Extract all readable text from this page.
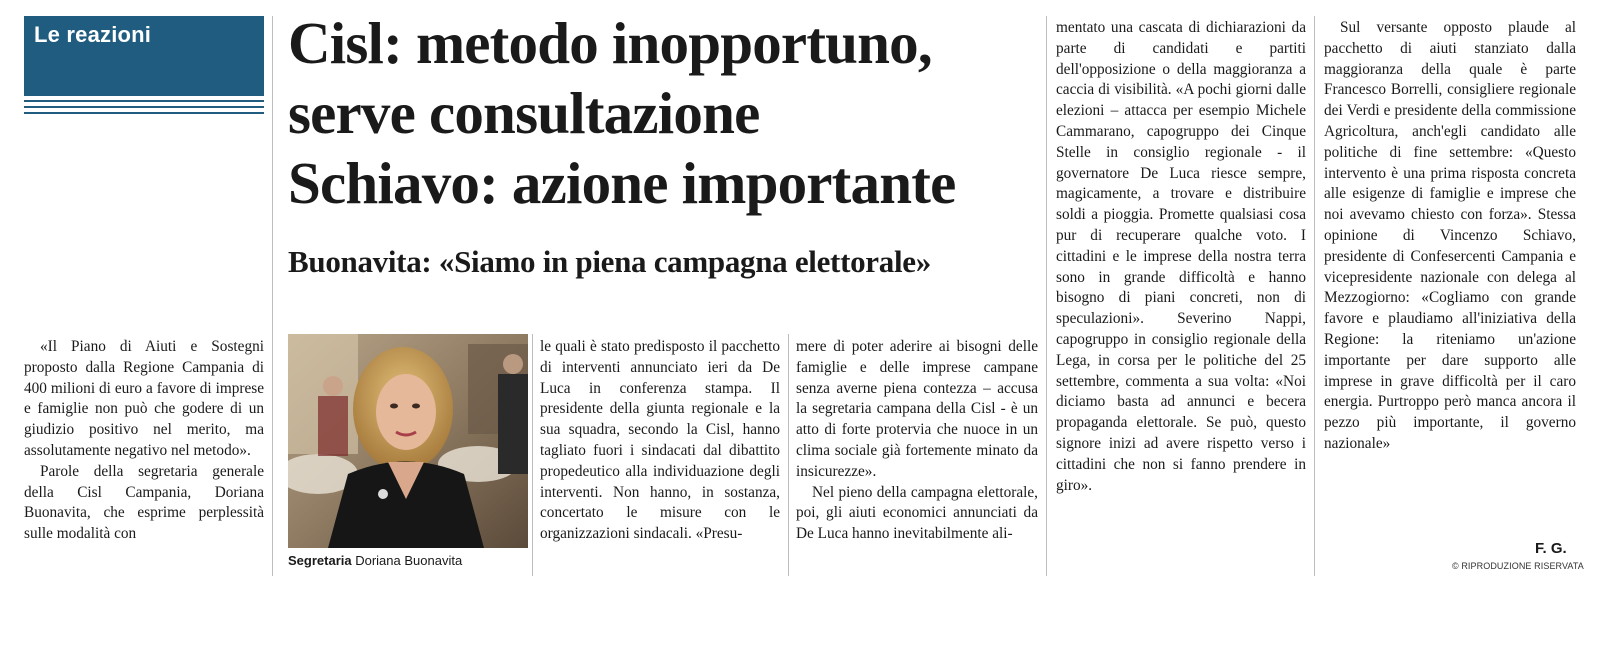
Le reazioni Cisl: metodo inopportuno,
serve consultazione
Schiavo: azione importante
Buonavita: «Siamo in piena campagna elettorale»

«Il Piano di Aiuti e Sostegni proposto dalla Regione Campania di 400 milioni di euro a favore di imprese e famiglie non può che godere di un giudizio positivo nel merito, ma assolutamente negativo nel metodo».

Parole della segretaria generale della Cisl Campania, Doriana Buonavita, che esprime perplessità sulle modalità con

Segretaria Doriana Buonavita

le quali è stato predisposto il pacchetto di interventi annunciato ieri da De Luca in conferenza stampa. Il presidente della giunta regionale e la sua squadra, secondo la Cisl, hanno tagliato fuori i sindacati dal dibattito propedeutico alla individuazione degli interventi. Non hanno, in sostanza, concertato le misure con le organizzazioni sindacali. «Presu-

mere di poter aderire ai bisogni delle famiglie e delle imprese campane senza averne piena contezza – accusa la segretaria campana della Cisl - è un atto di forte protervia che nuoce in un clima sociale già fortemente minato da insicurezze».

Nel pieno della campagna elettorale, poi, gli aiuti economici annunciati da De Luca hanno inevitabilmente ali-

mentato una cascata di dichiarazioni da parte di candidati e partiti dell'opposizione o della maggioranza a caccia di visibilità. «A pochi giorni dalle elezioni – attacca per esempio Michele Cammarano, capogruppo dei Cinque Stelle in consiglio regionale - il governatore De Luca riesce sempre, magicamente, a trovare e distribuire soldi a pioggia. Promette qualsiasi cosa pur di recuperare qualche voto. I cittadini e le imprese della nostra terra sono in grande difficoltà e hanno bisogno di piani concreti, non di speculazioni». Severino Nappi, capogruppo in consiglio regionale della Lega, in corsa per le politiche del 25 settembre, commenta a sua volta: «Noi diciamo basta ad annunci e becera propaganda elettorale. Se può, questo signore inizi ad avere rispetto verso i cittadini che non si fanno prendere in giro».

Sul versante opposto plaude al pacchetto di aiuti stanziato dalla maggioranza della quale è parte Francesco Borrelli, consigliere regionale dei Verdi e presidente della commissione Agricoltura, anch'egli candidato alle politiche di fine settembre: «Questo intervento è una prima risposta concreta alle esigenze di famiglie e imprese che noi avevamo chiesto con forza». Stessa opinione di Vincenzo Schiavo, presidente di Confesercenti Campania e vicepresidente nazionale con delega al Mezzogiorno: «Cogliamo con grande favore e plaudiamo all'iniziativa della Regione: la riteniamo un'azione importante per dare supporto alle imprese in grave difficoltà per il caro energia. Purtroppo però manca ancora il pezzo più importante, il governo nazionale»

F. G.
© RIPRODUZIONE RISERVATA
